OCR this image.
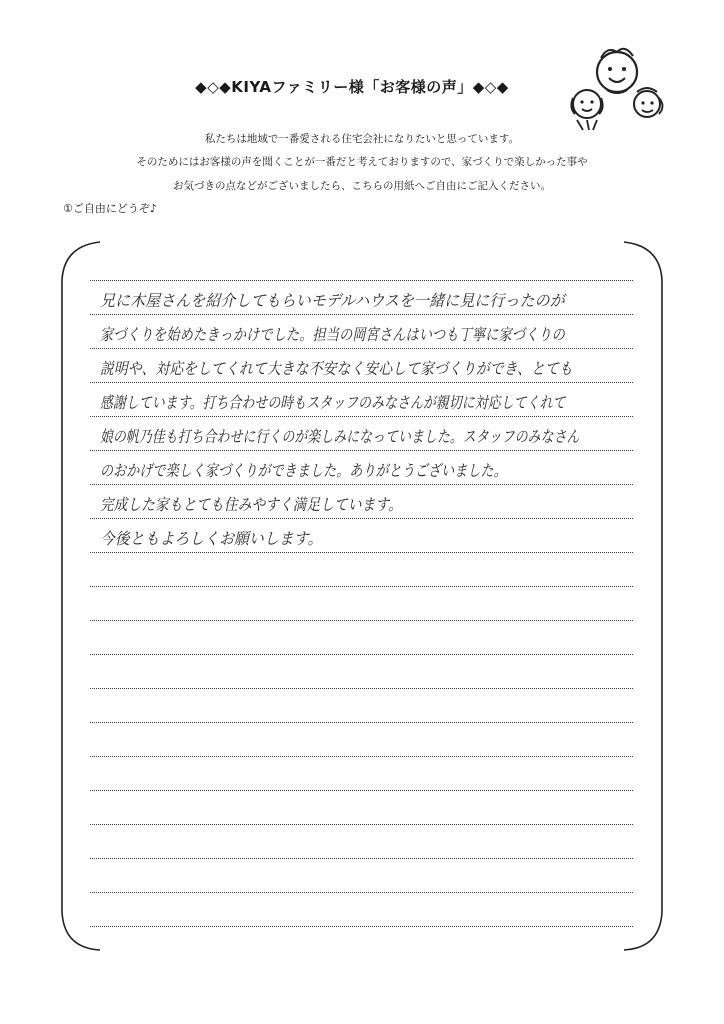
◆◇◆KIYAファミリー様「お客様の声」◆◇◆
私たちは地域で一番愛される住宅会社になりたいと思っています。
そのためにはお客様の声を聞くことが一番だと考えておりますので、家づくりで楽しかった事や
お気づきの点などがございましたら、こちらの用紙へご自由にご記入ください。
①ご自由にどうぞ♪
兄に木屋さんを紹介してもらいモデルハウスを一緒に見に行ったのが
家づくりを始めたきっかけでした。担当の岡宮さんはいつも丁寧に家づくりの
説明や、対応をしてくれて大きな不安なく安心して家づくりができ、とても
感謝しています。打ち合わせの時もスタッフのみなさんが親切に対応してくれて
娘の帆乃佳も打ち合わせに行くのが楽しみになっていました。スタッフのみなさん
のおかげで楽しく家づくりができました。ありがとうございました。
完成した家もとても住みやすく満足しています。
今後ともよろしくお願いします。
